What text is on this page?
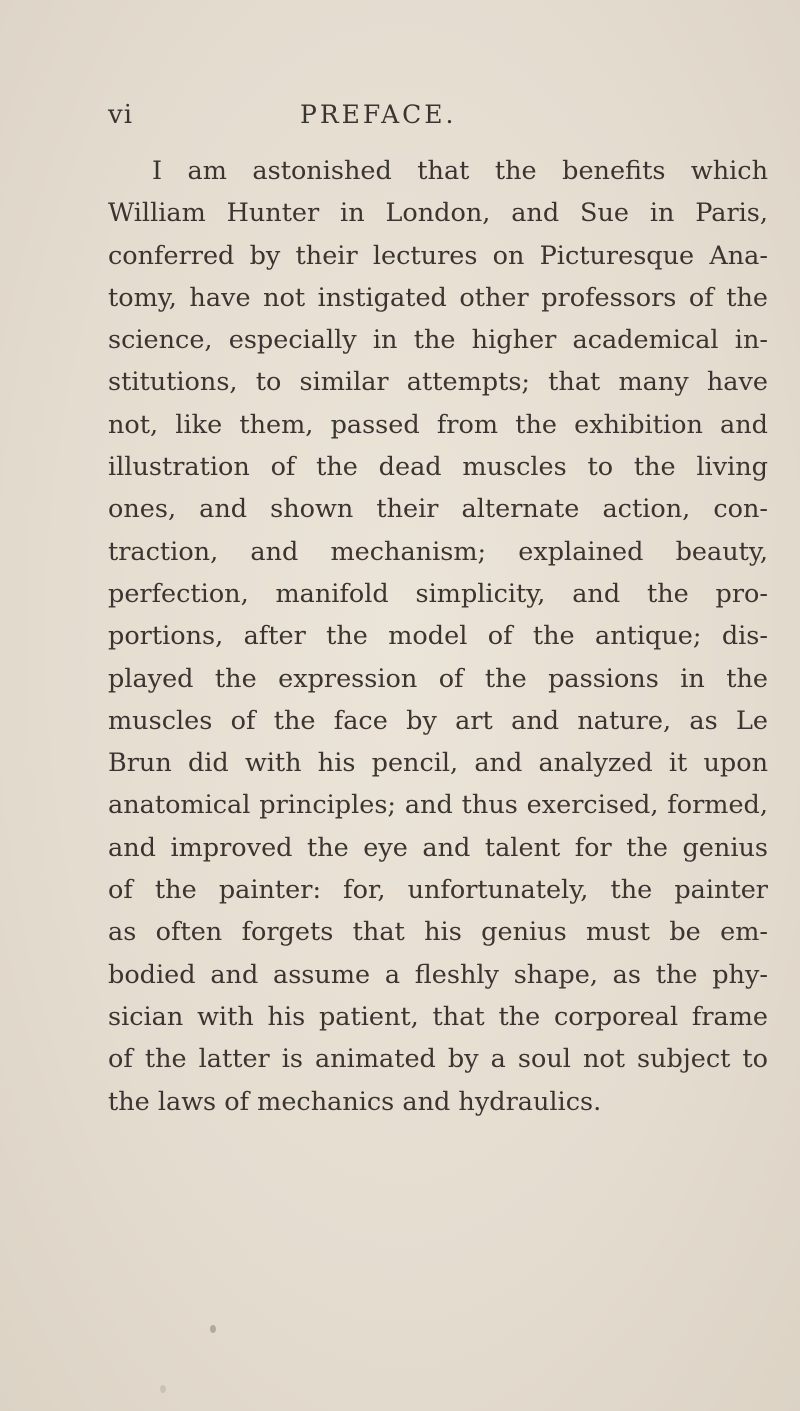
vi	PREFACE.
I am astonished that the benefits which
William Hunter in London, and Sue in Paris,
conferred by their lectures on Picturesque Ana-
tomy, have not instigated other professors of the
science, especially in the higher academical in-
stitutions, to similar attempts; that many have
not, like them, passed from the exhibition and
illustration of the dead muscles to the living
ones, and shown their alternate action, con-
traction, and mechanism; explained beauty,
perfection, manifold simplicity, and the pro-
portions, after the model of the antique; dis-
played the expression of the passions in the
muscles of the face by art and nature, as Le
Brun did with his pencil, and analyzed it upon
anatomical principles; and thus exercised, formed,
and improved the eye and talent for the genius
of the painter: for, unfortunately, the painter
as often forgets that his genius must be em-
bodied and assume a fleshly shape, as the phy-
sician with his patient, that the corporeal frame
of the latter is animated by a soul not subject to
the laws of mechanics and hydraulics.
